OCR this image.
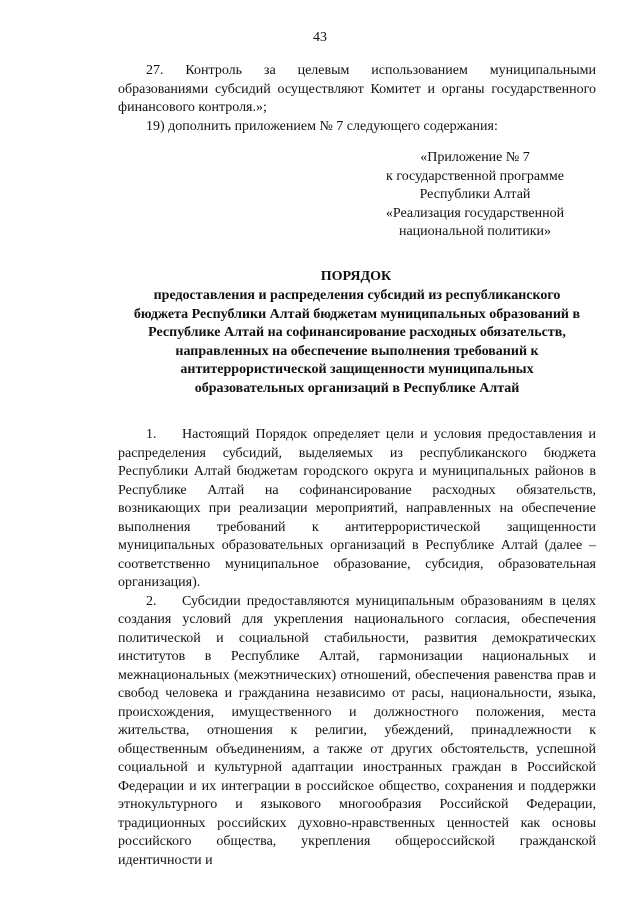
43

27. Контроль за целевым использованием муниципальными образованиями субсидий осуществляют Комитет и органы государственного финансового контроля.»;

19) дополнить приложением № 7 следующего содержания:

«Приложение № 7
к государственной программе
Республики Алтай
«Реализация государственной
национальной политики»
ПОРЯДОК
предоставления и распределения субсидий из республиканского
бюджета Республики Алтай бюджетам муниципальных образований в
Республике Алтай на софинансирование расходных обязательств,
направленных на обеспечение выполнения требований к
антитеррористической защищенности муниципальных
образовательных организаций в Республике Алтай

1. Настоящий Порядок определяет цели и условия предоставления и распределения субсидий, выделяемых из республиканского бюджета Республики Алтай бюджетам городского округа и муниципальных районов в Республике Алтай на софинансирование расходных обязательств, возникающих при реализации мероприятий, направленных на обеспечение выполнения требований к антитеррористической защищенности муниципальных образовательных организаций в Республике Алтай (далее – соответственно муниципальное образование, субсидия, образовательная организация).

2. Субсидии предоставляются муниципальным образованиям в целях создания условий для укрепления национального согласия, обеспечения политической и социальной стабильности, развития демократических институтов в Республике Алтай, гармонизации национальных и межнациональных (межэтнических) отношений, обеспечения равенства прав и свобод человека и гражданина независимо от расы, национальности, языка, происхождения, имущественного и должностного положения, места жительства, отношения к религии, убеждений, принадлежности к общественным объединениям, а также от других обстоятельств, успешной социальной и культурной адаптации иностранных граждан в Российской Федерации и их интеграции в российское общество, сохранения и поддержки этнокультурного и языкового многообразия Российской Федерации, традиционных российских духовно-нравственных ценностей как основы российского общества, укрепления общероссийской гражданской идентичности и
